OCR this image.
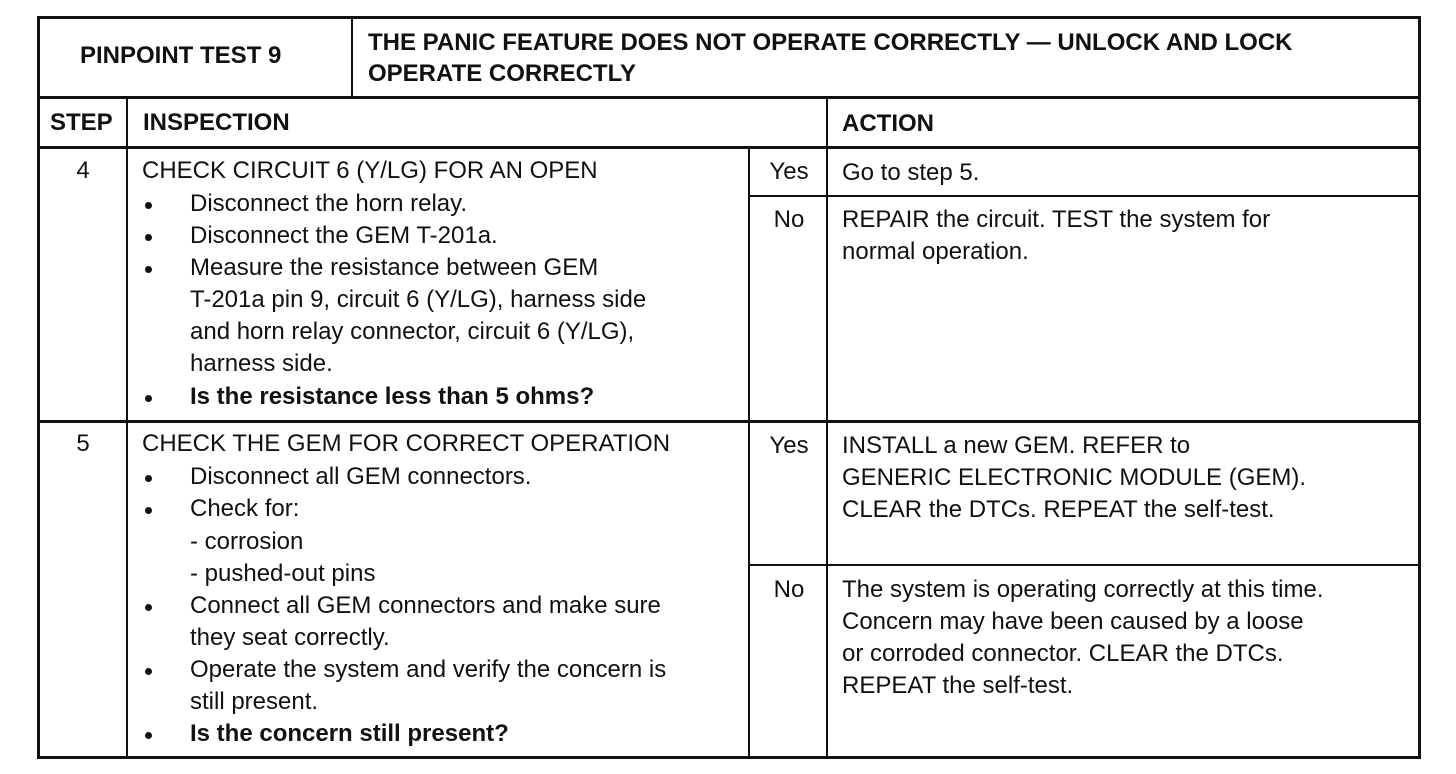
PINPOINT TEST 9	THE PANIC FEATURE DOES NOT OPERATE CORRECTLY — UNLOCK AND LOCK
OPERATE CORRECTLY
STEP INSPECTION	ACTION
4 CHECK CIRCUIT 6 (Y/LG) FOR AN OPEN
Disconnect the horn relay.
Disconnect the GEM T-201a.
Measure the resistance between GEM
T-201a pin 9, circuit 6 (Y/LG), harness side
and horn relay connector, circuit 6 (Y/LG),
harness side.
Is the resistance less than 5 ohms?
Yes	Go to step 5.
No	REPAIR the circuit. TEST the system for
normal operation.
5 CHECK THE GEM FOR CORRECT OPERATION
Disconnect all GEM connectors.
Check for:
- corrosion
- pushed-out pins
Connect all GEM connectors and make sure
they seat correctly.
Operate the system and verify the concern is
still present.
Is the concern still present?
Yes	INSTALL a new GEM. REFER to
GENERIC ELECTRONIC MODULE (GEM).
CLEAR the DTCs. REPEAT the self-test.
No	The system is operating correctly at this time.
Concern may have been caused by a loose
or corroded connector. CLEAR the DTCs.
REPEAT the self-test.
